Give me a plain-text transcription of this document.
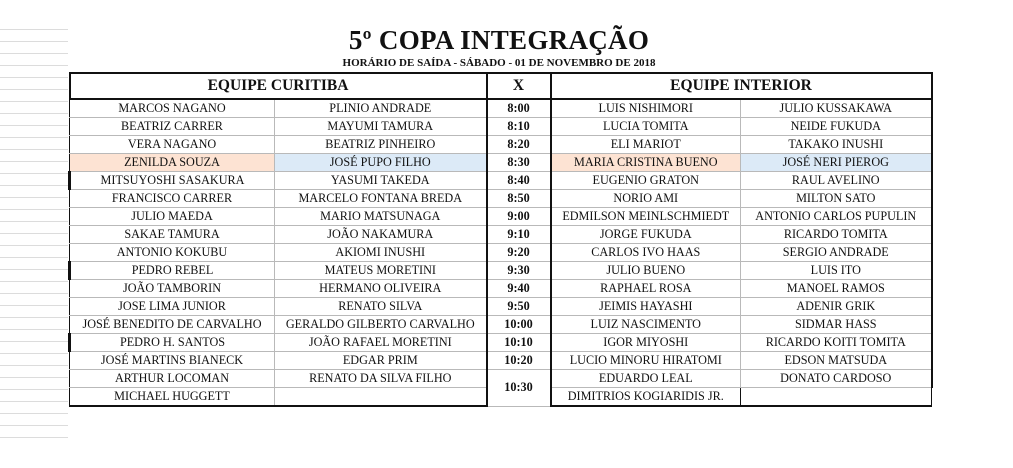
5º COPA INTEGRAÇÃO
HORÁRIO DE SAÍDA - SÁBADO - 01 DE NOVEMBRO DE 2018
EQUIPE CURITIBA		X	EQUIPE INTERIOR	
MARCOS NAGANO	PLINIO ANDRADE	8:00	LUIS NISHIMORI	JULIO KUSSAKAWA
BEATRIZ CARRER	MAYUMI TAMURA	8:10	LUCIA TOMITA	NEIDE FUKUDA
VERA NAGANO	BEATRIZ PINHEIRO	8:20	ELI MARIOT	TAKAKO INUSHI
ZENILDA SOUZA	JOSÉ PUPO FILHO	8:30	MARIA CRISTINA BUENO	JOSÉ NERI PIEROG
MITSUYOSHI SASAKURA	YASUMI TAKEDA	8:40	EUGENIO GRATON	RAUL AVELINO
FRANCISCO CARRER	MARCELO FONTANA BREDA	8:50	NORIO AMI	MILTON SATO
JULIO MAEDA	MARIO MATSUNAGA	9:00	EDMILSON MEINLSCHMIEDT	ANTONIO CARLOS PUPULIN
SAKAE TAMURA	JOÃO NAKAMURA	9:10	JORGE FUKUDA	RICARDO TOMITA
ANTONIO KOKUBU	AKIOMI INUSHI	9:20	CARLOS IVO HAAS	SERGIO ANDRADE
PEDRO REBEL	MATEUS MORETINI	9:30	JULIO BUENO	LUIS ITO
JOÃO TAMBORIN	HERMANO OLIVEIRA	9:40	RAPHAEL ROSA	MANOEL RAMOS
JOSE LIMA JUNIOR	RENATO SILVA	9:50	JEIMIS HAYASHI	ADENIR GRIK
JOSÉ BENEDITO DE CARVALHO	GERALDO GILBERTO CARVALHO	10:00	LUIZ NASCIMENTO	SIDMAR HASS
PEDRO H. SANTOS	JOÃO RAFAEL MORETINI	10:10	IGOR MIYOSHI	RICARDO KOITI TOMITA
JOSÉ MARTINS BIANECK	EDGAR PRIM	10:20	LUCIO MINORU HIRATOMI	EDSON MATSUDA
ARTHUR LOCOMAN	RENATO DA SILVA FILHO	10:30	EDUARDO LEAL	DONATO CARDOSO
MICHAEL HUGGETT			DIMITRIOS KOGIARIDIS JR.	
